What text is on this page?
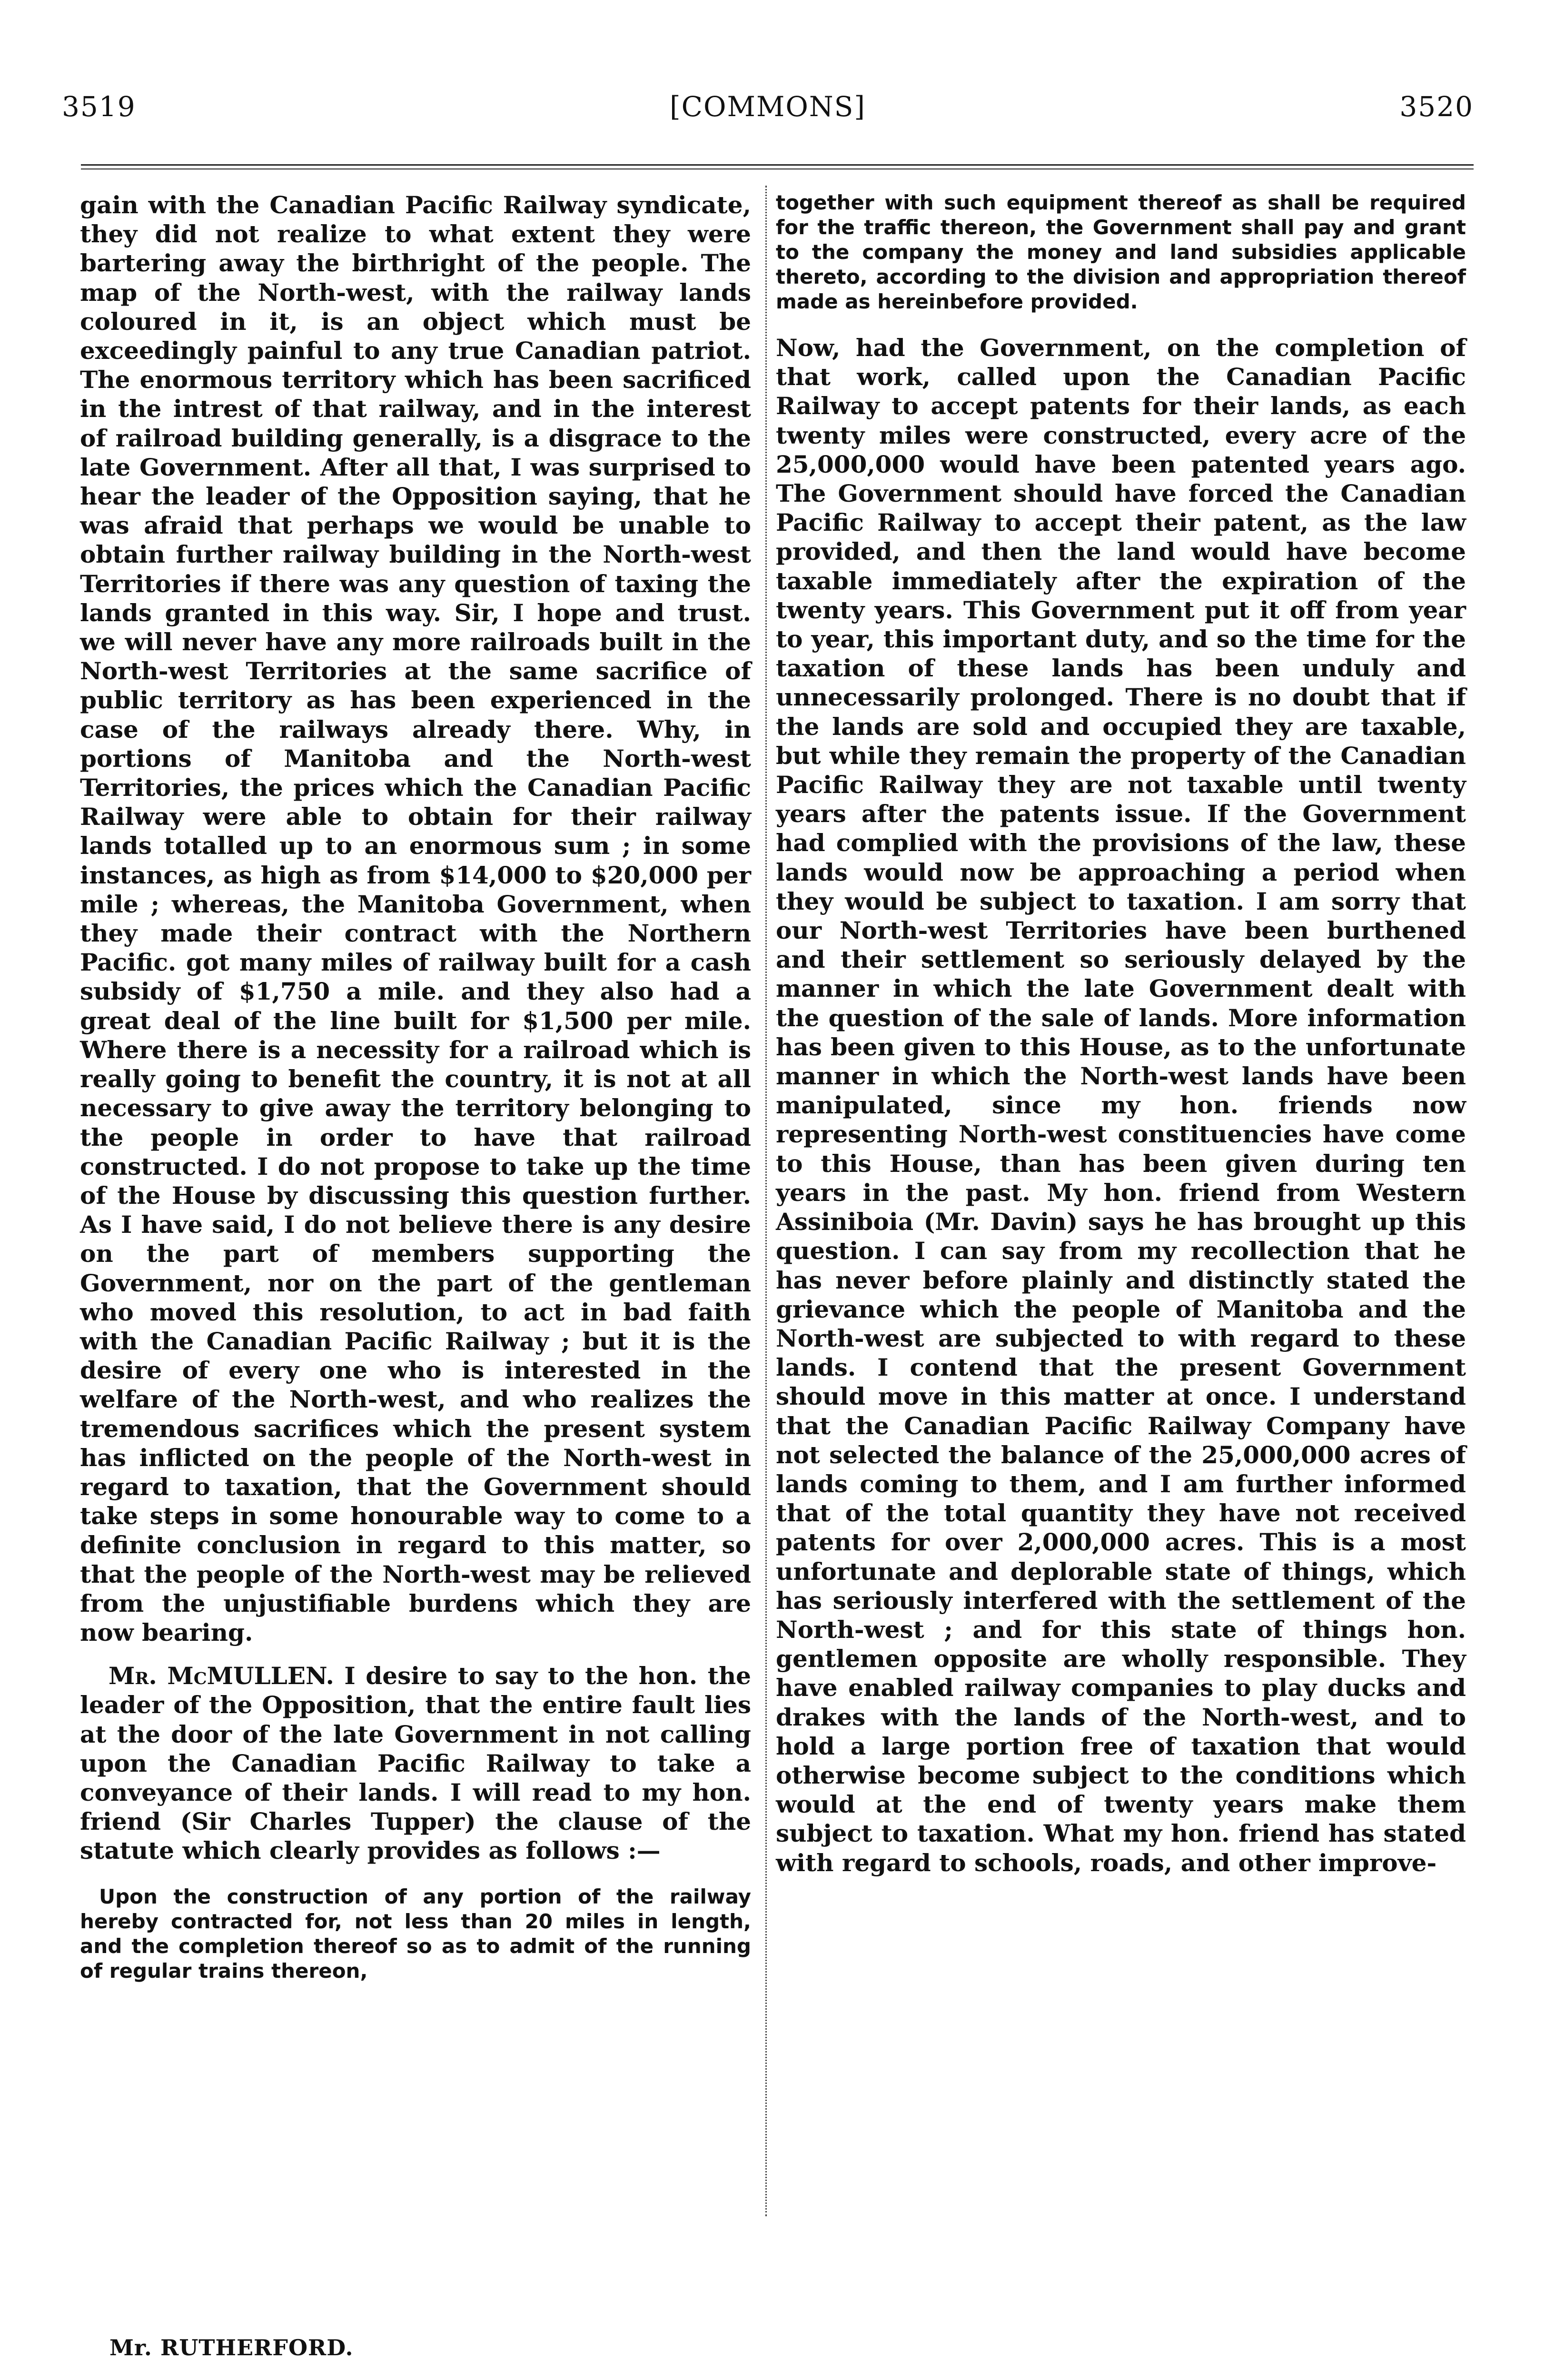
3519	[COMMONS]	3520

gain with the Canadian Pacific Railway syndicate, they did not realize to what extent they were bartering away the birthright of the people. The map of the North-west, with the railway lands coloured in it, is an object which must be exceedingly painful to any true Canadian patriot. The enormous territory which has been sacrificed in the intrest of that railway, and in the interest of railroad building generally, is a disgrace to the late Government. After all that, I was surprised to hear the leader of the Opposition saying, that he was afraid that perhaps we would be unable to obtain further railway building in the North-west Territories if there was any question of taxing the lands granted in this way. Sir, I hope and trust. we will never have any more railroads built in the North-west Territories at the same sacrifice of public territory as has been experienced in the case of the railways already there. Why, in portions of Manitoba and the North-west Territories, the prices which the Canadian Pacific Railway were able to obtain for their railway lands totalled up to an enormous sum ; in some instances, as high as from $14,000 to $20,000 per mile ; whereas, the Manitoba Government, when they made their contract with the Northern Pacific. got many miles of railway built for a cash subsidy of $1,750 a mile. and they also had a great deal of the line built for $1,500 per mile. Where there is a necessity for a railroad which is really going to benefit the country, it is not at all necessary to give away the territory belonging to the people in order to have that railroad constructed. I do not propose to take up the time of the House by discussing this question further. As I have said, I do not believe there is any desire on the part of members supporting the Government, nor on the part of the gentleman who moved this resolution, to act in bad faith with the Canadian Pacific Railway ; but it is the desire of every one who is interested in the welfare of the North-west, and who realizes the tremendous sacrifices which the present system has inflicted on the people of the North-west in regard to taxation, that the Government should take steps in some honourable way to come to a definite conclusion in regard to this matter, so that the people of the North-west may be relieved from the unjustifiable burdens which they are now bearing.

Mr. McMULLEN. I desire to say to the hon. the leader of the Opposition, that the entire fault lies at the door of the late Government in not calling upon the Canadian Pacific Railway to take a conveyance of their lands. I will read to my hon. friend (Sir Charles Tupper) the clause of the statute which clearly provides as follows :—

Upon the construction of any portion of the railway hereby contracted for, not less than 20 miles in length, and the completion thereof so as to admit of the running of regular trains thereon,

together with such equipment thereof as shall be required for the traffic thereon, the Government shall pay and grant to the company the money and land subsidies applicable thereto, according to the division and appropriation thereof made as hereinbefore provided.

Now, had the Government, on the completion of that work, called upon the Canadian Pacific Railway to accept patents for their lands, as each twenty miles were constructed, every acre of the 25,000,000 would have been patented years ago. The Government should have forced the Canadian Pacific Railway to accept their patent, as the law provided, and then the land would have become taxable immediately after the expiration of the twenty years. This Government put it off from year to year, this important duty, and so the time for the taxation of these lands has been unduly and unnecessarily prolonged. There is no doubt that if the lands are sold and occupied they are taxable, but while they remain the property of the Canadian Pacific Railway they are not taxable until twenty years after the patents issue. If the Government had complied with the provisions of the law, these lands would now be approaching a period when they would be subject to taxation. I am sorry that our North-west Territories have been burthened and their settlement so seriously delayed by the manner in which the late Government dealt with the question of the sale of lands. More information has been given to this House, as to the unfortunate manner in which the North-west lands have been manipulated, since my hon. friends now representing North-west constituencies have come to this House, than has been given during ten years in the past. My hon. friend from Western Assiniboia (Mr. Davin) says he has brought up this question. I can say from my recollection that he has never before plainly and distinctly stated the grievance which the people of Manitoba and the North-west are subjected to with regard to these lands. I contend that the present Government should move in this matter at once. I understand that the Canadian Pacific Railway Company have not selected the balance of the 25,000,000 acres of lands coming to them, and I am further informed that of the total quantity they have not received patents for over 2,000,000 acres. This is a most unfortunate and deplorable state of things, which has seriously interfered with the settlement of the North-west ; and for this state of things hon. gentlemen opposite are wholly responsible. They have enabled railway companies to play ducks and drakes with the lands of the North-west, and to hold a large portion free of taxation that would otherwise become subject to the conditions which would at the end of twenty years make them subject to taxation. What my hon. friend has stated with regard to schools, roads, and other improve-

Mr. RUTHERFORD.
